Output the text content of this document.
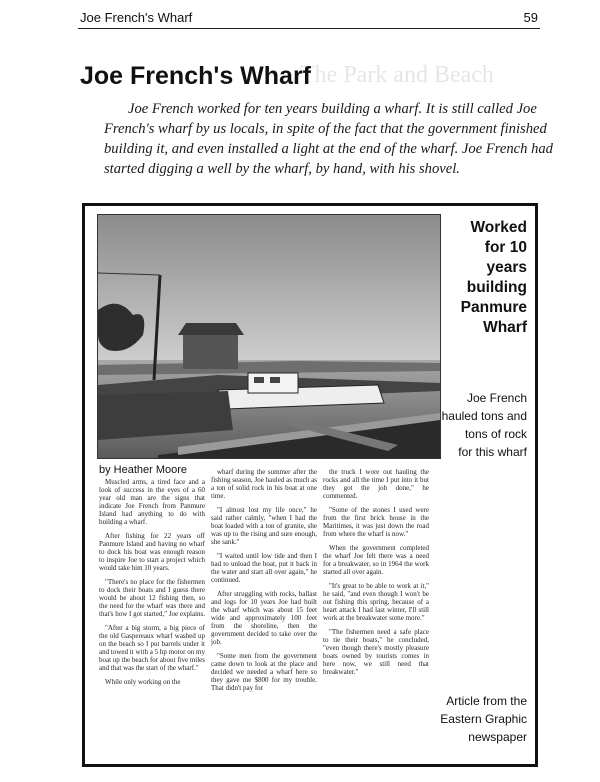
Joe French's Wharf	59
The Park and Beach
Joe French's Wharf

Joe French worked for ten years building a wharf. It is still called Joe French's wharf by us locals, in spite of the fact that the government finished building it, and even installed a light at the end of the wharf. Joe French had started digging a well by the wharf, by hand, with his shovel.

Worked
for 10
years
building
Panmure
Wharf
Joe French
hauled tons and
tons of rock
for this wharf
by Heather Moore

Muscled arms, a tired face and a look of success in the eyes of a 60 year old man are the signs that indicate Joe French from Panmure Island had anything to do with building a wharf.

After fishing for 22 years off Panmure Island and having no wharf to dock his boat was enough reason to inspire Joe to start a project which would take him 10 years.

"There's no place for the fishermen to dock their boats and I guess there would be about 12 fishing then, so the need for the wharf was there and that's how I got started," Joe explains.

"After a big storm, a big piece of the old Gaspereaux wharf washed up on the beach so I put barrels under it and towed it with a 5 hp motor on my boat up the beach for about five miles and that was the start of the wharf."

While only working on the

wharf during the summer after the fishing season, Joe hauled as much as a ton of solid rock in his boat at one time.

"I almost lost my life once," he said rather calmly, "when I had the boat loaded with a ton of granite, she was up to the rising and sure enough, she sank."

"I waited until low tide and then I had to unload the boat, put it back in the water and start all over again," he continued.

After struggling with rocks, ballast and logs for 10 years Joe had built the wharf which was about 15 feet wide and approximately 100 feet from the shoreline, then the government decided to take over the job.

"Some men from the government came down to look at the place and decided we needed a wharf here so they gave me $800 for my trouble. That didn't pay for

the truck I wore out hauling the rocks and all the time I put into it but they got the job done," he commented.

"Some of the stones I used were from the first brick house in the Maritimes, it was just down the road from where the wharf is now."

When the government completed the wharf Joe felt there was a need for a breakwater, so in 1964 the work started all over again.

"It's great to be able to work at it," he said, "and even though I won't be out fishing this spring, because of a heart attack I had last winter, I'll still work at the breakwater some more."

"The fishermen need a safe place to tie their boats," he concluded, "even though there's mostly pleasure boats owned by tourists comes in here now, we still need that breakwater."

Article from the
Eastern Graphic
newspaper
